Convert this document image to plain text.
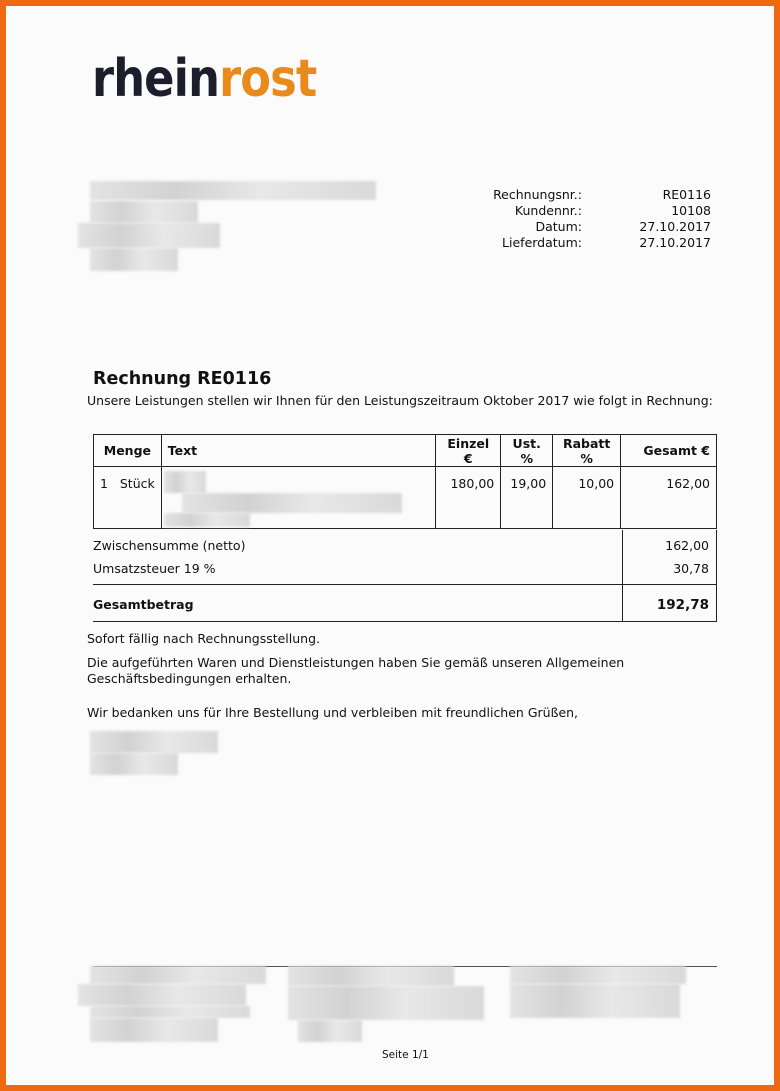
rheinrost
Rechnungsnr.:	RE0116
Kundennr.:	10108
Datum:	27.10.2017
Lieferdatum:	27.10.2017
Rechnung RE0116
Unsere Leistungen stellen wir Ihnen für den Leistungszeitraum Oktober 2017 wie folgt in Rechnung:
Menge	Text	Einzel €	Ust. %	Rabatt %	Gesamt €
1 Stück		180,00	19,00	10,00	162,00
Zwischensumme (netto)	162,00
Umsatzsteuer 19 %	30,78
Gesamtbetrag	192,78
Sofort fällig nach Rechnungsstellung.
Die aufgeführten Waren und Dienstleistungen haben Sie gemäß unseren Allgemeinen
Geschäftsbedingungen erhalten.
Wir bedanken uns für Ihre Bestellung und verbleiben mit freundlichen Grüßen,
Seite 1/1
